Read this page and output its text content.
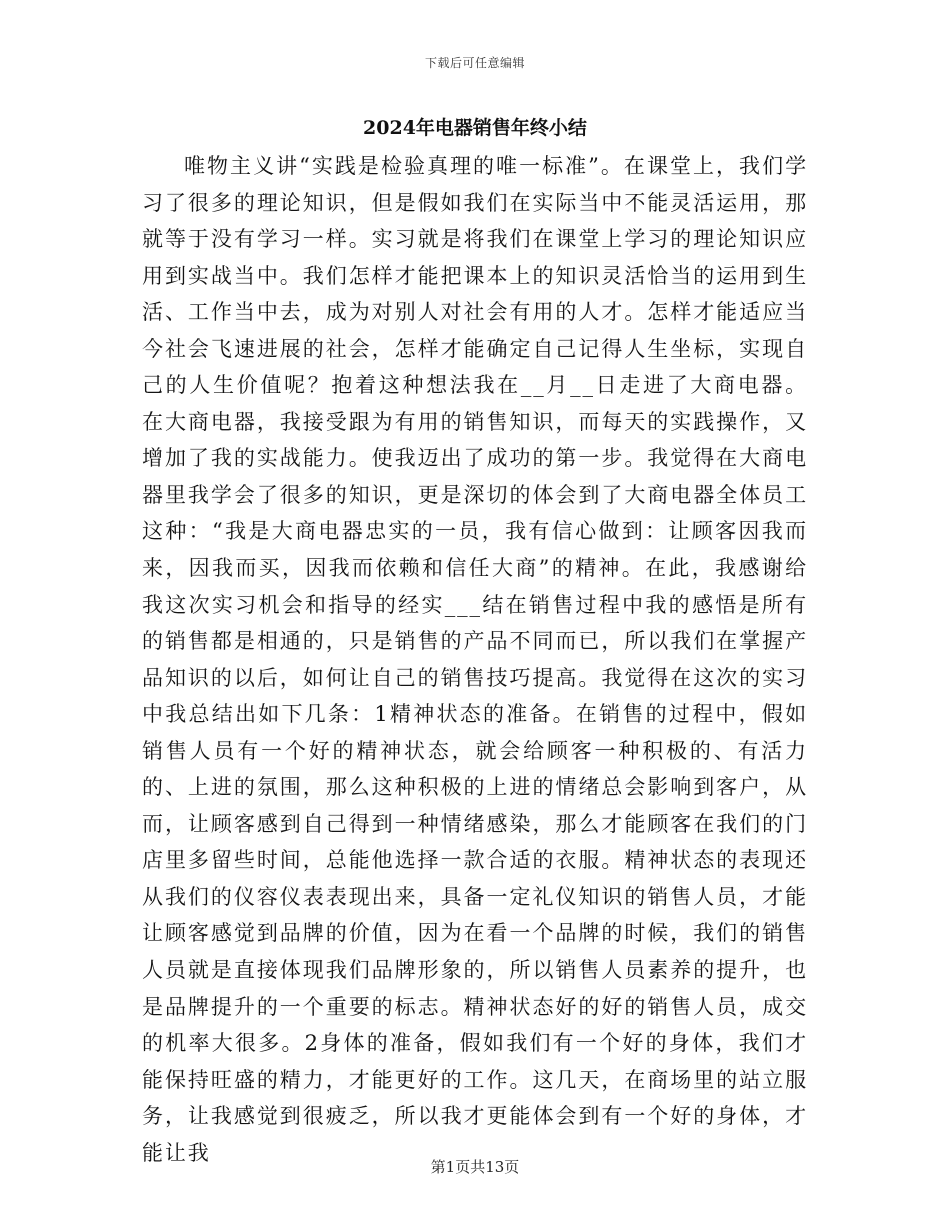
下载后可任意编辑
2024年电器销售年终小结

唯物主义讲“实践是检验真理的唯一标准”。在课堂上，我们学习了很多的理论知识，但是假如我们在实际当中不能灵活运用，那就等于没有学习一样。实习就是将我们在课堂上学习的理论知识应用到实战当中。我们怎样才能把课本上的知识灵活恰当的运用到生活、工作当中去，成为对别人对社会有用的人才。怎样才能适应当今社会飞速进展的社会，怎样才能确定自己记得人生坐标，实现自己的人生价值呢？抱着这种想法我在__月__日走进了大商电器。在大商电器，我接受跟为有用的销售知识，而每天的实践操作，又增加了我的实战能力。使我迈出了成功的第一步。我觉得在大商电器里我学会了很多的知识，更是深切的体会到了大商电器全体员工这种：“我是大商电器忠实的一员，我有信心做到：让顾客因我而来，因我而买，因我而依赖和信任大商”的精神。在此，我感谢给我这次实习机会和指导的经实___结在销售过程中我的感悟是所有的销售都是相通的，只是销售的产品不同而已，所以我们在掌握产品知识的以后，如何让自己的销售技巧提高。我觉得在这次的实习中我总结出如下几条：1精神状态的准备。在销售的过程中，假如销售人员有一个好的精神状态，就会给顾客一种积极的、有活力的、上进的氛围，那么这种积极的上进的情绪总会影响到客户，从而，让顾客感到自己得到一种情绪感染，那么才能顾客在我们的门店里多留些时间，总能他选择一款合适的衣服。精神状态的表现还从我们的仪容仪表表现出来，具备一定礼仪知识的销售人员，才能让顾客感觉到品牌的价值，因为在看一个品牌的时候，我们的销售人员就是直接体现我们品牌形象的，所以销售人员素养的提升，也是品牌提升的一个重要的标志。精神状态好的好的销售人员，成交的机率大很多。2身体的准备，假如我们有一个好的身体，我们才能保持旺盛的精力，才能更好的工作。这几天，在商场里的站立服务，让我感觉到很疲乏，所以我才更能体会到有一个好的身体，才能让我

第1页共13页
